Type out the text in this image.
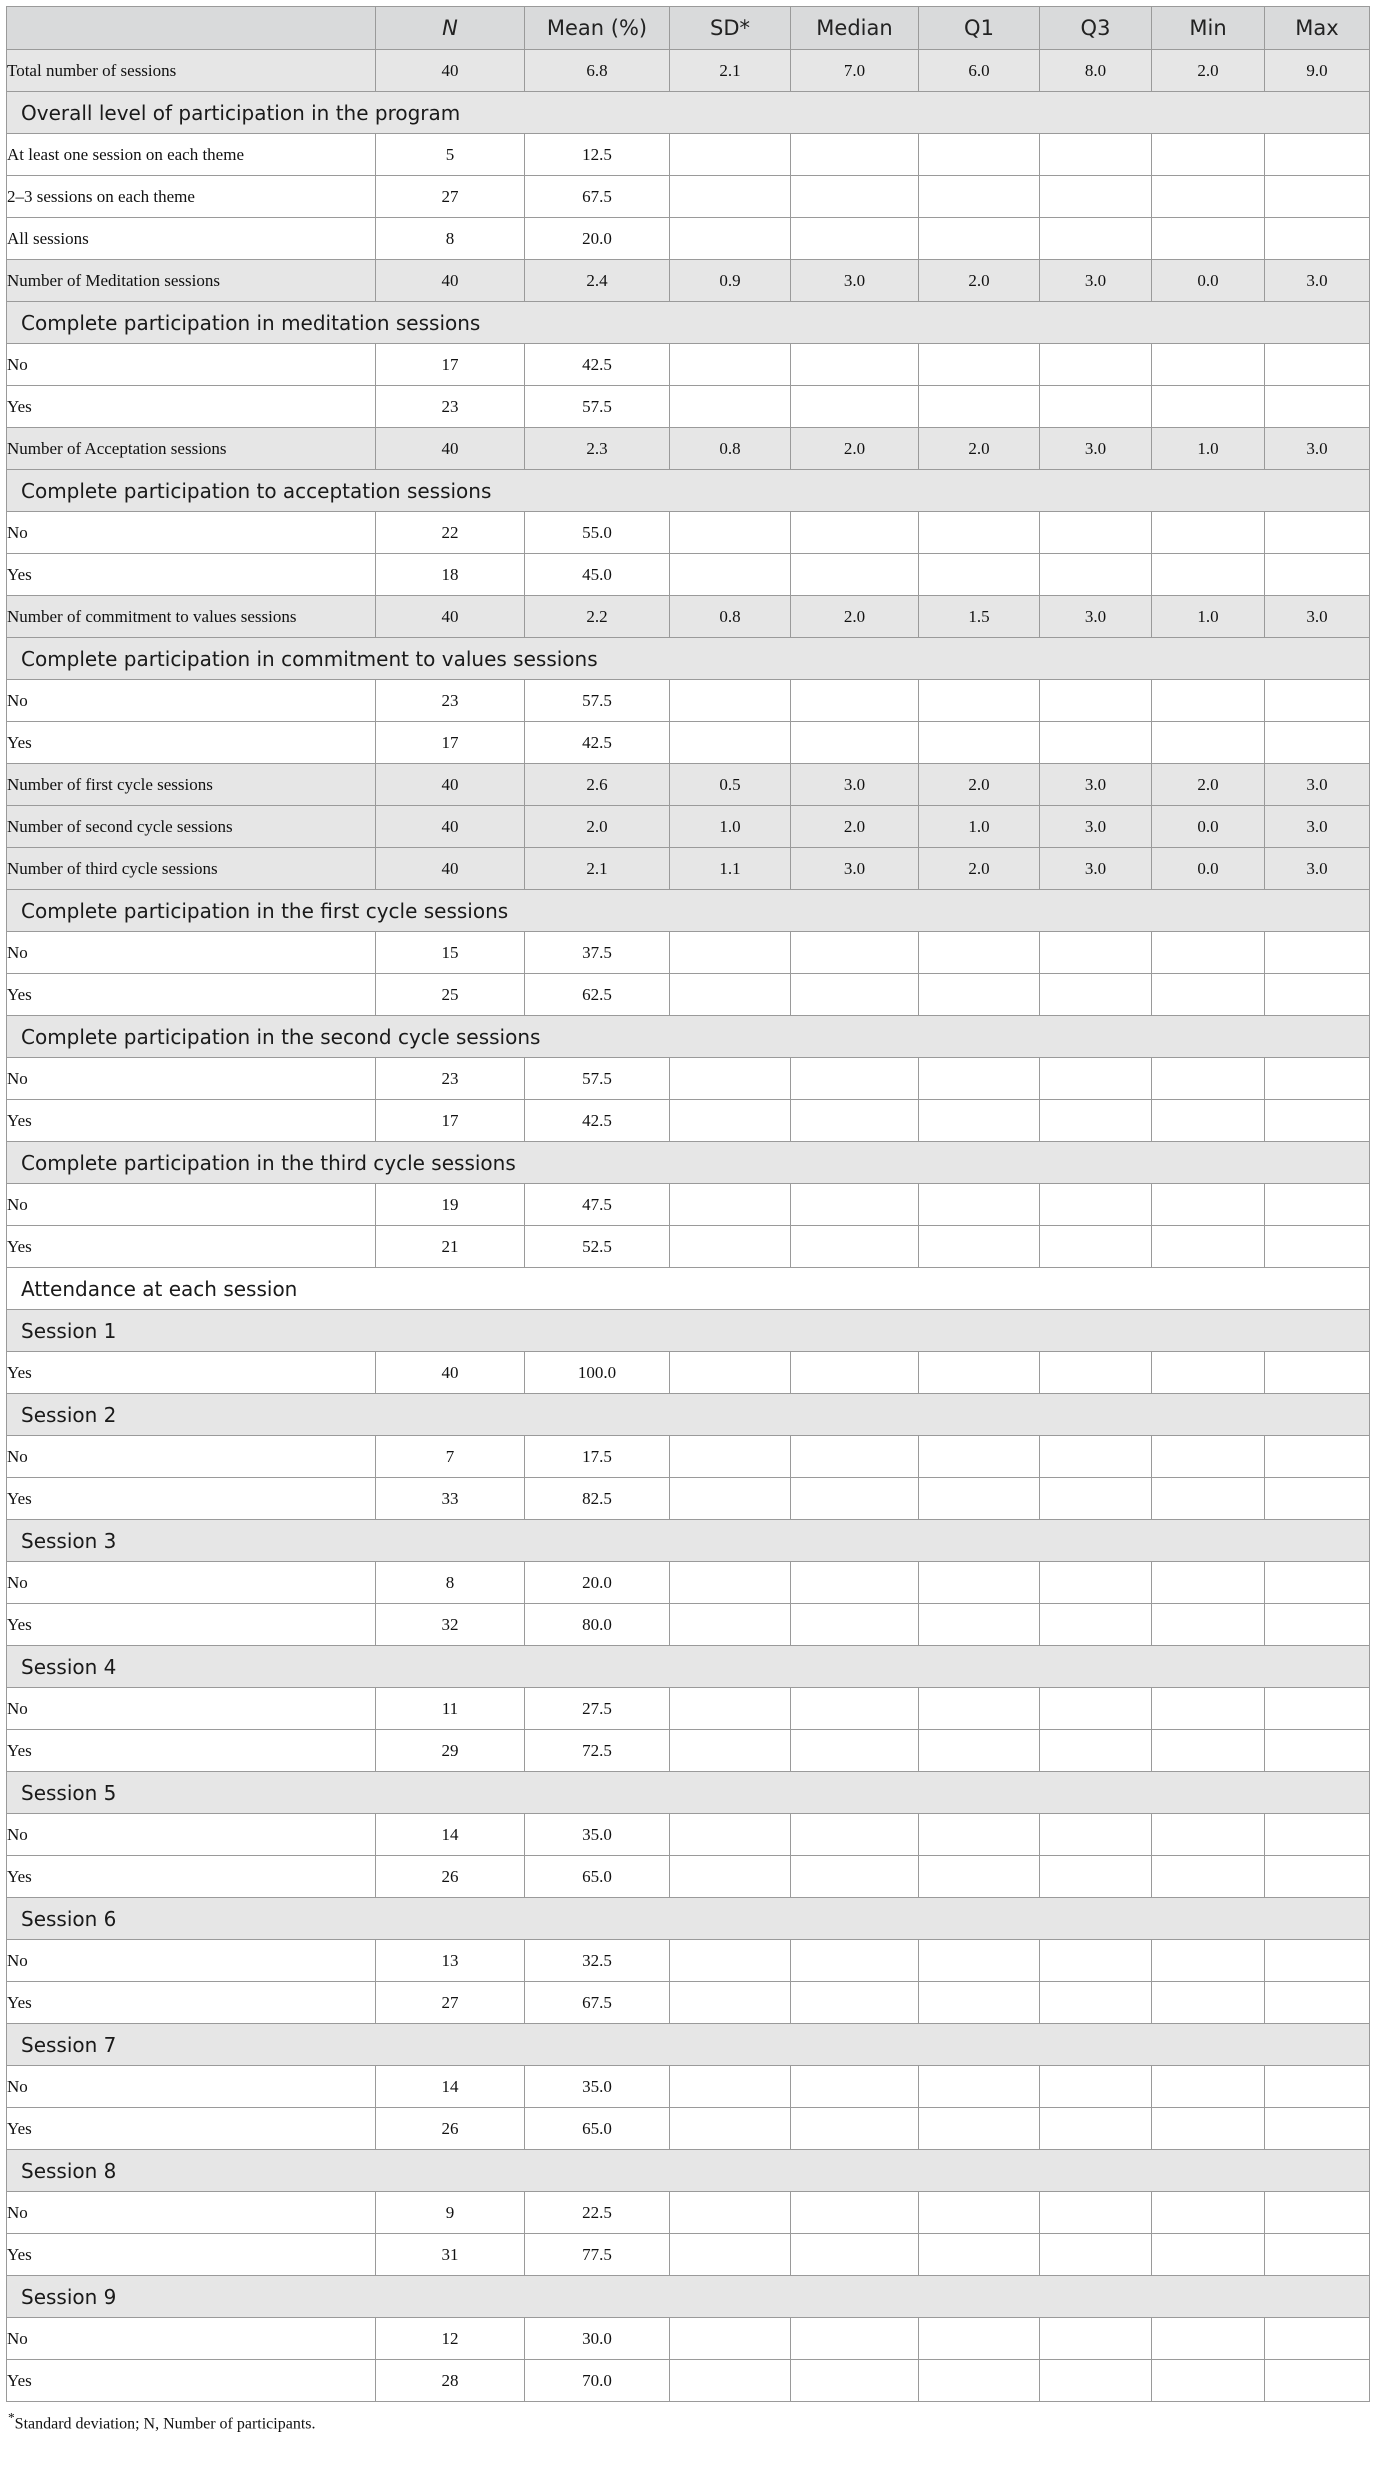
	N	Mean (%)	SD*	Median	Q1	Q3	Min	Max
Total number of sessions	40	6.8	2.1	7.0	6.0	8.0	2.0	9.0
Overall level of participation in the program								
At least one session on each theme	5	12.5						
2–3 sessions on each theme	27	67.5						
All sessions	8	20.0						
Number of Meditation sessions	40	2.4	0.9	3.0	2.0	3.0	0.0	3.0
Complete participation in meditation sessions								
No	17	42.5						
Yes	23	57.5						
Number of Acceptation sessions	40	2.3	0.8	2.0	2.0	3.0	1.0	3.0
Complete participation to acceptation sessions								
No	22	55.0						
Yes	18	45.0						
Number of commitment to values sessions	40	2.2	0.8	2.0	1.5	3.0	1.0	3.0
Complete participation in commitment to values sessions								
No	23	57.5						
Yes	17	42.5						
Number of first cycle sessions	40	2.6	0.5	3.0	2.0	3.0	2.0	3.0
Number of second cycle sessions	40	2.0	1.0	2.0	1.0	3.0	0.0	3.0
Number of third cycle sessions	40	2.1	1.1	3.0	2.0	3.0	0.0	3.0
Complete participation in the first cycle sessions								
No	15	37.5						
Yes	25	62.5						
Complete participation in the second cycle sessions								
No	23	57.5						
Yes	17	42.5						
Complete participation in the third cycle sessions								
No	19	47.5						
Yes	21	52.5						
Attendance at each session								
Session 1								
Yes	40	100.0						
Session 2								
No	7	17.5						
Yes	33	82.5						
Session 3								
No	8	20.0						
Yes	32	80.0						
Session 4								
No	11	27.5						
Yes	29	72.5						
Session 5								
No	14	35.0						
Yes	26	65.0						
Session 6								
No	13	32.5						
Yes	27	67.5						
Session 7								
No	14	35.0						
Yes	26	65.0						
Session 8								
No	9	22.5						
Yes	31	77.5						
Session 9								
No	12	30.0						
Yes	28	70.0						
*Standard deviation; N, Number of participants.
